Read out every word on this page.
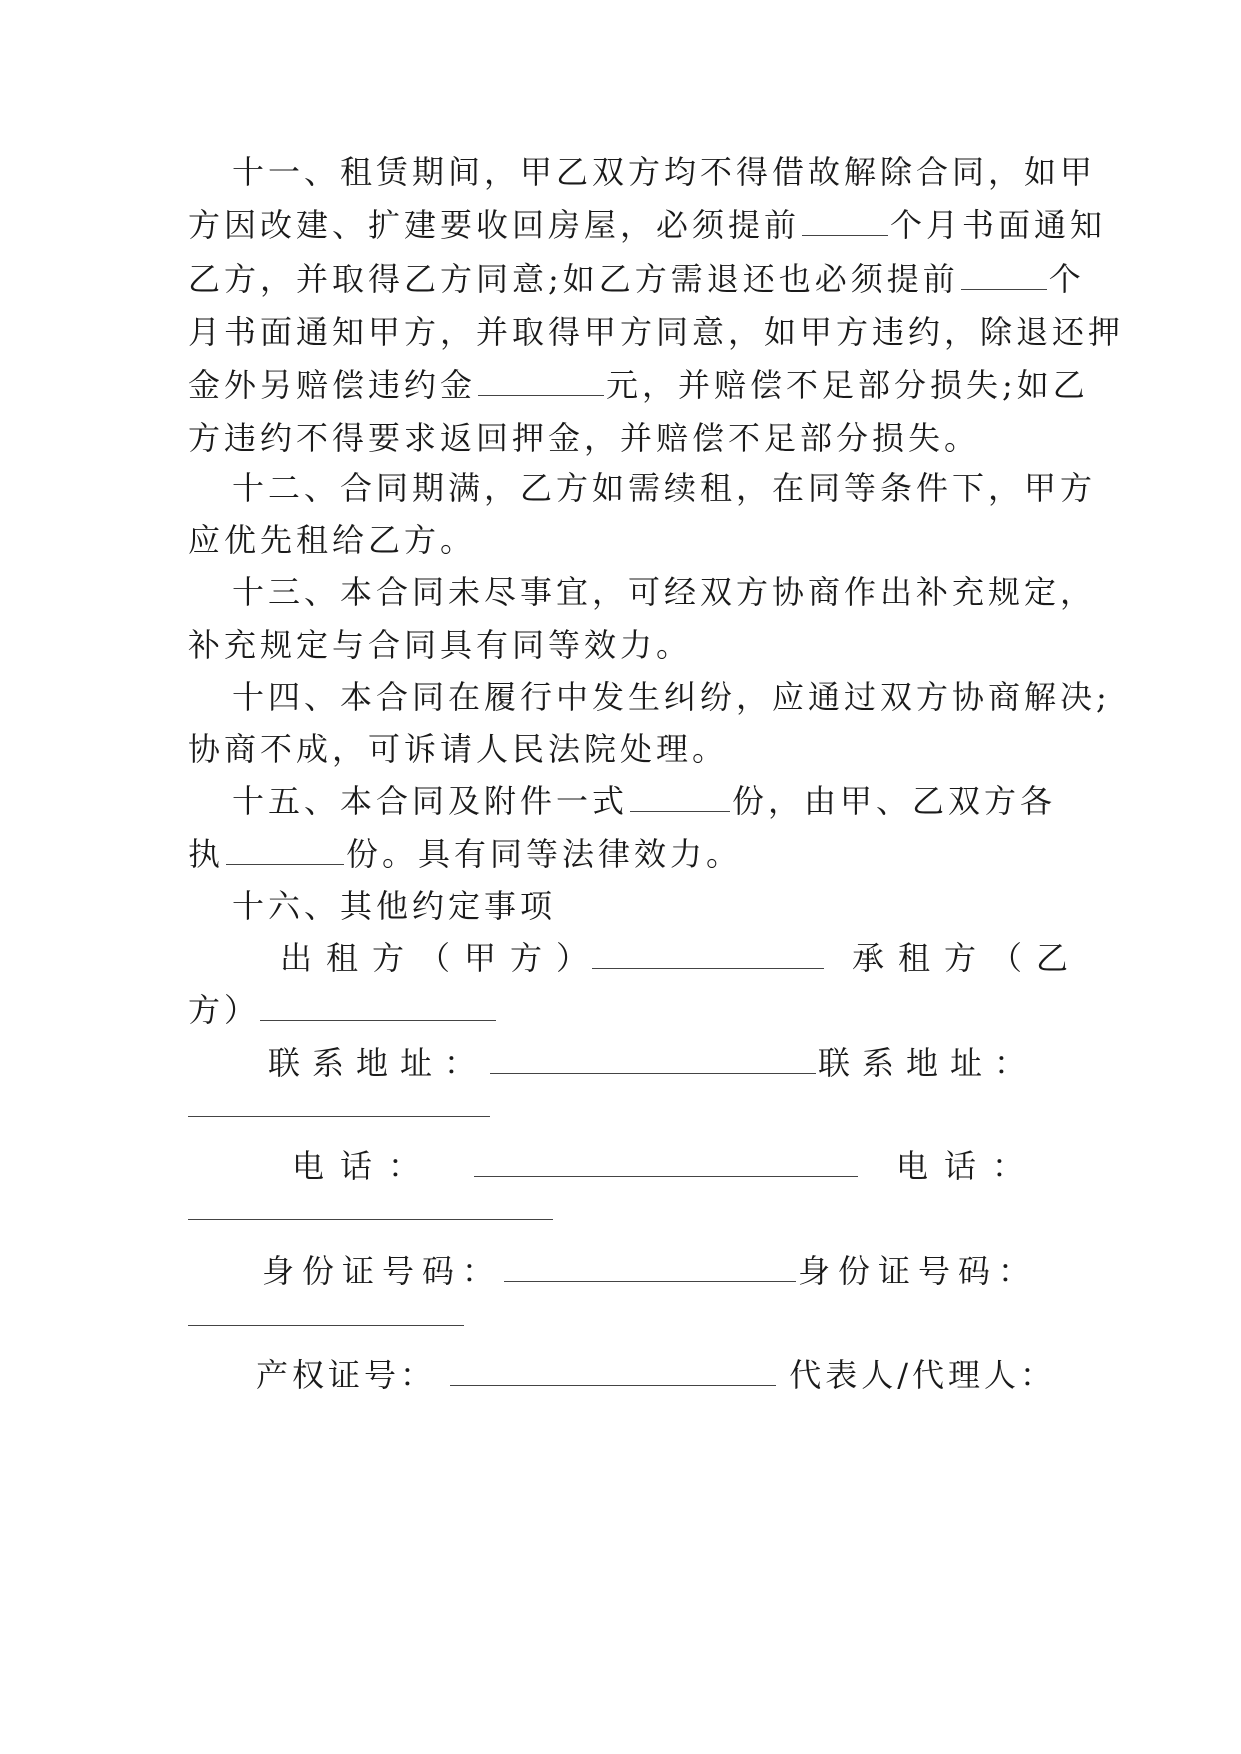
十一、租赁期间，甲乙双方均不得借故解除合同，如甲
方因改建、扩建要收回房屋，必须提前	个月书面通知
乙方，并取得乙方同意;如乙方需退还也必须提前	个
月书面通知甲方，并取得甲方同意，如甲方违约，除退还押
金外另赔偿违约金	元，并赔偿不足部分损失;如乙
方违约不得要求返回押金，并赔偿不足部分损失。
十二、合同期满，乙方如需续租，在同等条件下，甲方
应优先租给乙方。
十三、本合同未尽事宜，可经双方协商作出补充规定，
补充规定与合同具有同等效力。
十四、本合同在履行中发生纠纷，应通过双方协商解决;
协商不成，可诉请人民法院处理。
十五、本合同及附件一式	份，由甲、乙双方各
执	份。具有同等法律效力。
十六、其他约定事项
出租方（甲方）	承租方（乙
方）
联系地址：	联系地址：
电话：	电话：
身份证号码：	身份证号码：
产权证号：	代表人/代理人：
